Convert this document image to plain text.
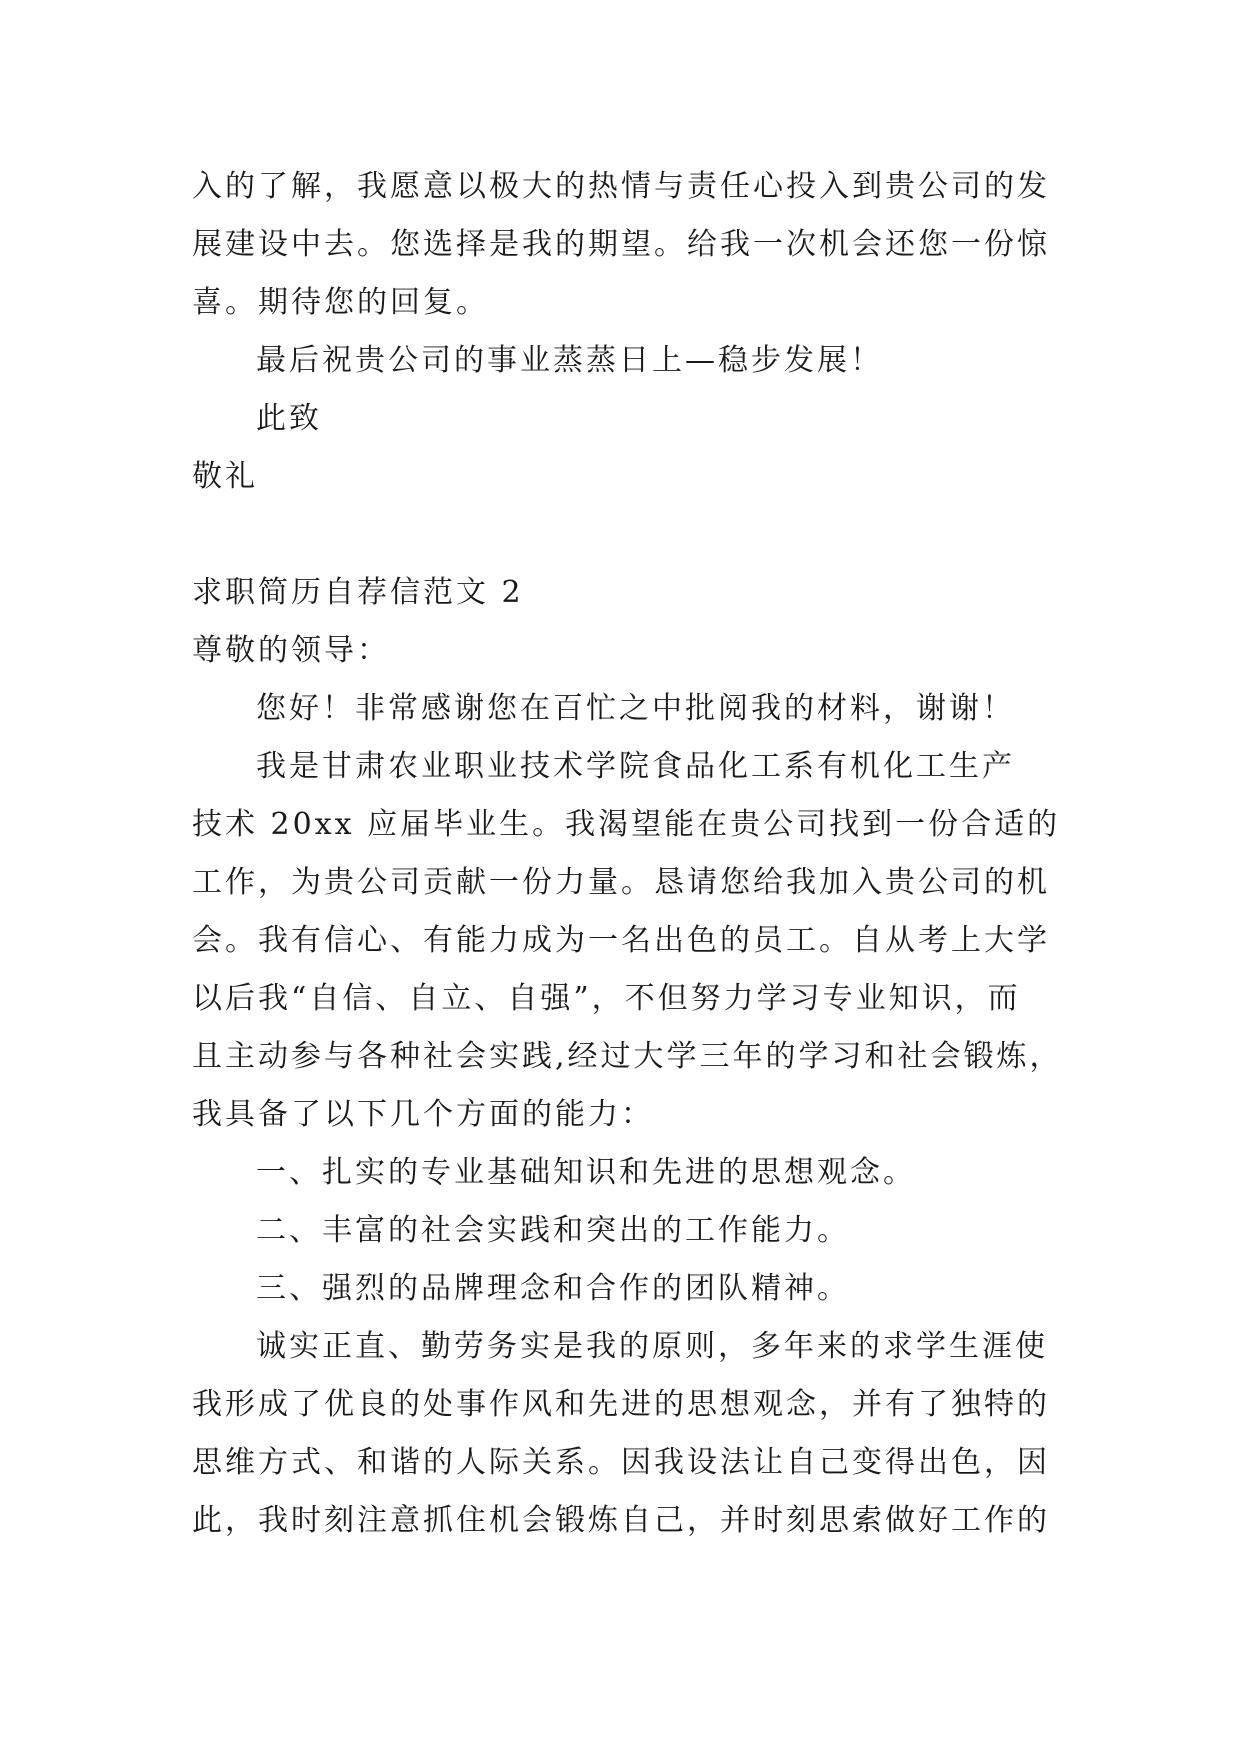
入的了解，我愿意以极大的热情与责任心投入到贵公司的发
展建设中去。您选择是我的期望。给我一次机会还您一份惊
喜。期待您的回复。
最后祝贵公司的事业蒸蒸日上—稳步发展！
此致
敬礼
求职简历自荐信范文 2
尊敬的领导：
您好！非常感谢您在百忙之中批阅我的材料，谢谢！
我是甘肃农业职业技术学院食品化工系有机化工生产
技术 20xx 应届毕业生。我渴望能在贵公司找到一份合适的
工作，为贵公司贡献一份力量。恳请您给我加入贵公司的机
会。我有信心、有能力成为一名出色的员工。自从考上大学
以后我“自信、自立、自强”，不但努力学习专业知识，而
且主动参与各种社会实践,经过大学三年的学习和社会锻炼，
我具备了以下几个方面的能力：
一、扎实的专业基础知识和先进的思想观念。
二、丰富的社会实践和突出的工作能力。
三、强烈的品牌理念和合作的团队精神。
诚实正直、勤劳务实是我的原则，多年来的求学生涯使
我形成了优良的处事作风和先进的思想观念，并有了独特的
思维方式、和谐的人际关系。因我设法让自己变得出色，因
此，我时刻注意抓住机会锻炼自己，并时刻思索做好工作的
